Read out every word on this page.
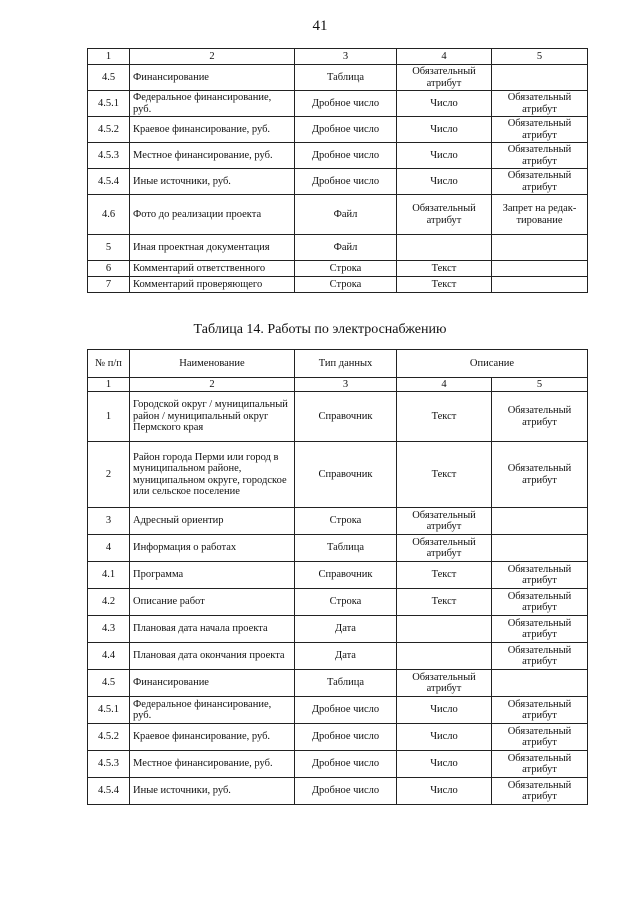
41
1	2	3	4	5
4.5	Финансирование	Таблица	Обязательный атрибут	
4.5.1	Федеральное финансирование, руб.	Дробное число	Число	Обязательный атрибут
4.5.2	Краевое финансирование, руб.	Дробное число	Число	Обязательный атрибут
4.5.3	Местное финансирование, руб.	Дробное число	Число	Обязательный атрибут
4.5.4	Иные источники, руб.	Дробное число	Число	Обязательный атрибут
4.6	Фото до реализации проекта	Файл	Обязательный атрибут	Запрет на редак-тирование
5	Иная проектная документация	Файл		
6	Комментарий ответственного	Строка	Текст	
7	Комментарий проверяющего	Строка	Текст	
Таблица 14. Работы по электроснабжению
№ п/п	Наименование	Тип данных	Описание	
1	2	3	4	5
1	Городской округ / муниципальный район / муниципальный округ Пермского края	Справочник	Текст	Обязательный атрибут
2	Район города Перми или город в муниципальном районе, муниципальном округе, городское или сельское поселение	Справочник	Текст	Обязательный атрибут
3	Адресный ориентир	Строка	Обязательный атрибут	
4	Информация о работах	Таблица	Обязательный атрибут	
4.1	Программа	Справочник	Текст	Обязательный атрибут
4.2	Описание работ	Строка	Текст	Обязательный атрибут
4.3	Плановая дата начала проекта	Дата		Обязательный атрибут
4.4	Плановая дата окончания проекта	Дата		Обязательный атрибут
4.5	Финансирование	Таблица	Обязательный атрибут	
4.5.1	Федеральное финансирование, руб.	Дробное число	Число	Обязательный атрибут
4.5.2	Краевое финансирование, руб.	Дробное число	Число	Обязательный атрибут
4.5.3	Местное финансирование, руб.	Дробное число	Число	Обязательный атрибут
4.5.4	Иные источники, руб.	Дробное число	Число	Обязательный атрибут
